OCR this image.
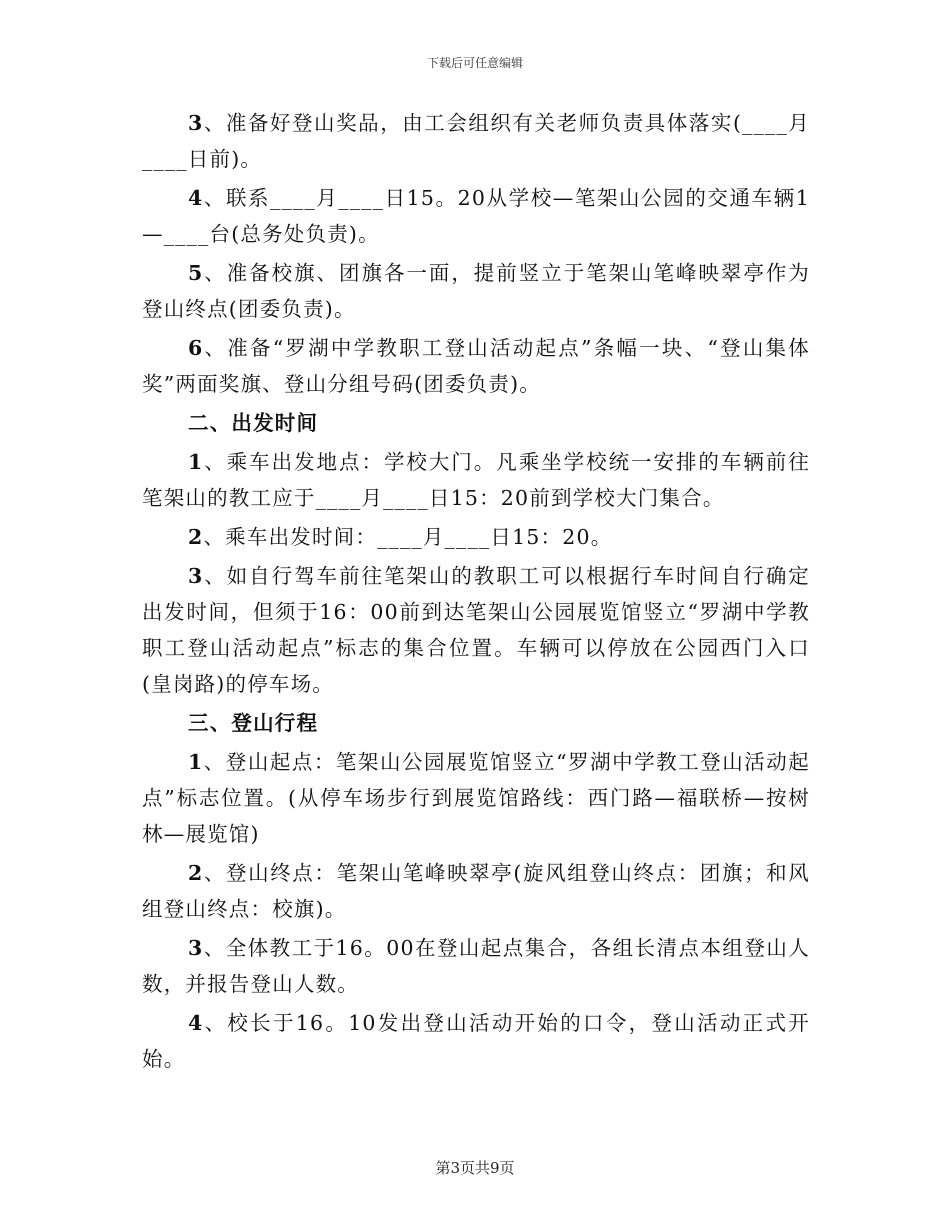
下载后可任意编辑

3、准备好登山奖品，由工会组织有关老师负责具体落实(____月____日前)。

4、联系____月____日15。20从学校—笔架山公园的交通车辆1—____台(总务处负责)。

5、准备校旗、团旗各一面，提前竖立于笔架山笔峰映翠亭作为登山终点(团委负责)。

6、准备“罗湖中学教职工登山活动起点”条幅一块、“登山集体奖”两面奖旗、登山分组号码(团委负责)。

二、出发时间

1、乘车出发地点：学校大门。凡乘坐学校统一安排的车辆前往笔架山的教工应于____月____日15：20前到学校大门集合。

2、乘车出发时间：____月____日15：20。

3、如自行驾车前往笔架山的教职工可以根据行车时间自行确定出发时间，但须于16：00前到达笔架山公园展览馆竖立“罗湖中学教职工登山活动起点”标志的集合位置。车辆可以停放在公园西门入口(皇岗路)的停车场。

三、登山行程

1、登山起点：笔架山公园展览馆竖立“罗湖中学教工登山活动起点”标志位置。(从停车场步行到展览馆路线：西门路—福联桥—按树林—展览馆)

2、登山终点：笔架山笔峰映翠亭(旋风组登山终点：团旗；和风组登山终点：校旗)。

3、全体教工于16。00在登山起点集合，各组长清点本组登山人数，并报告登山人数。

4、校长于16。10发出登山活动开始的口令，登山活动正式开始。

第3页共9页
